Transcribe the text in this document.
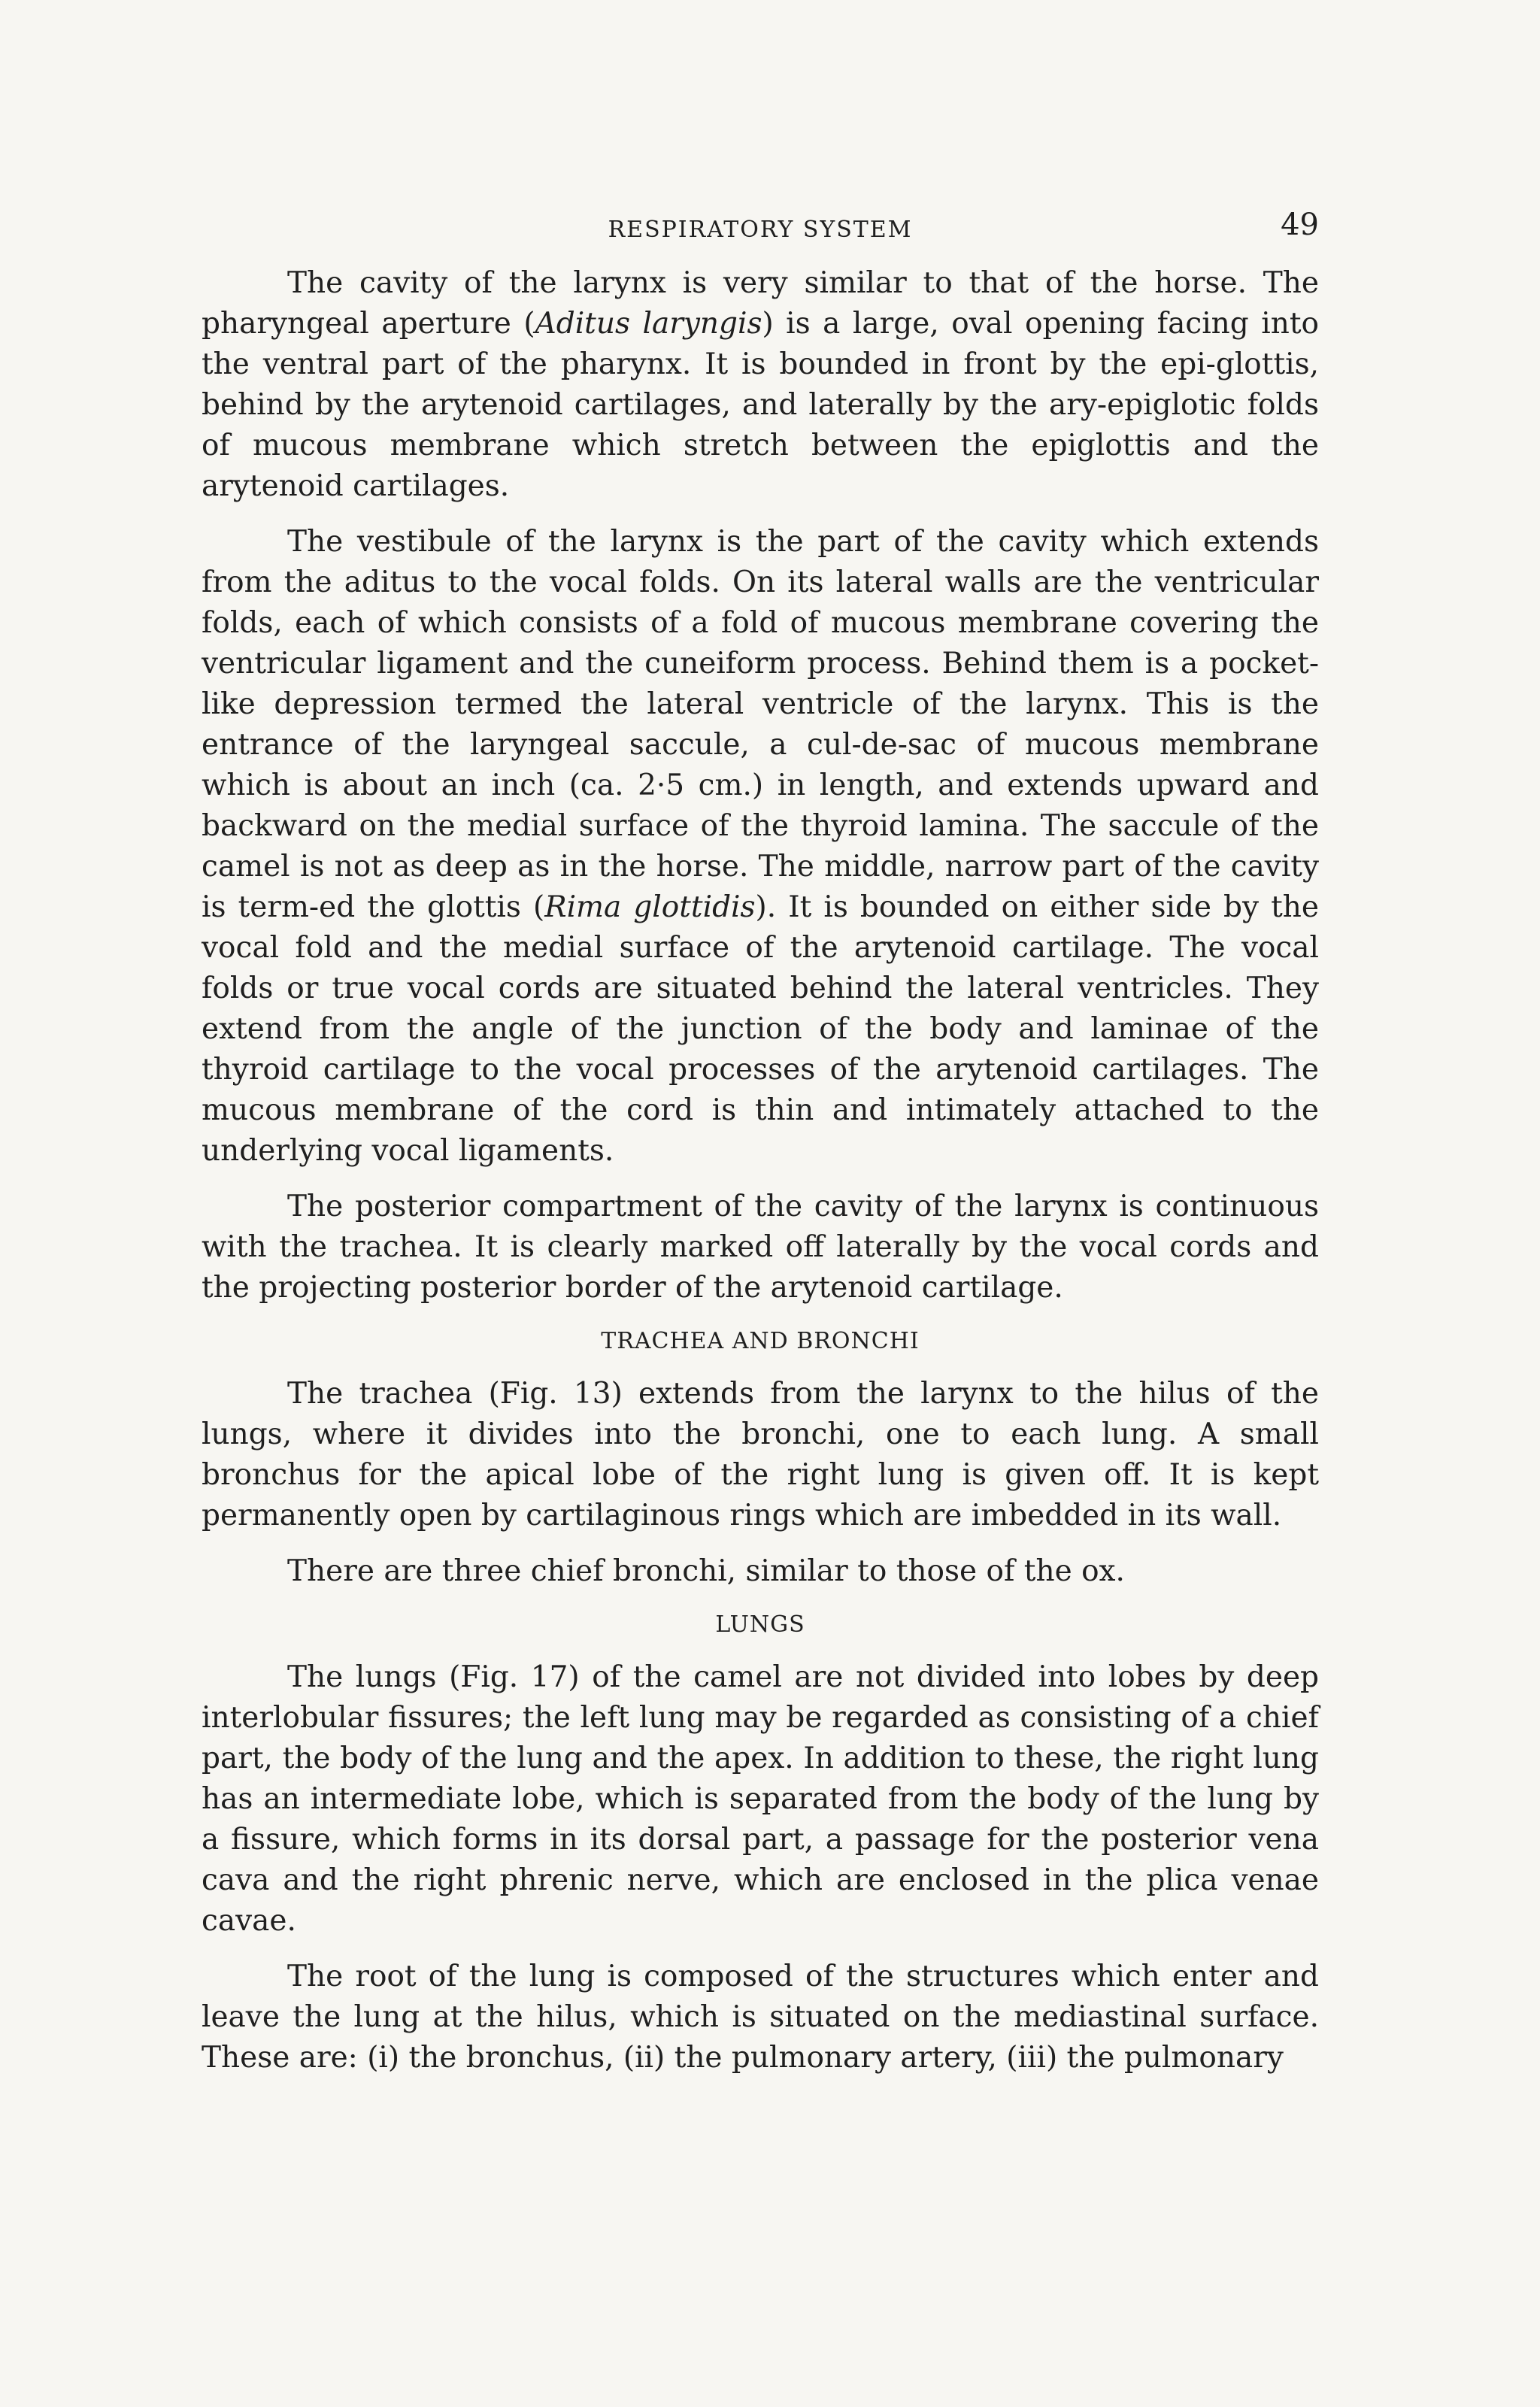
RESPIRATORY SYSTEM	49

The cavity of the larynx is very similar to that of the horse. The pharyngeal aperture (Aditus laryngis) is a large, oval opening facing into the ventral part of the pharynx. It is bounded in front by the epi-glottis, behind by the arytenoid cartilages, and laterally by the ary-epiglotic folds of mucous membrane which stretch between the epiglottis and the arytenoid cartilages.

The vestibule of the larynx is the part of the cavity which extends from the aditus to the vocal folds. On its lateral walls are the ventricular folds, each of which consists of a fold of mucous membrane covering the ventricular ligament and the cuneiform process. Behind them is a pocket-like depression termed the lateral ventricle of the larynx. This is the entrance of the laryngeal saccule, a cul-de-sac of mucous membrane which is about an inch (ca. 2·5 cm.) in length, and extends upward and backward on the medial surface of the thyroid lamina. The saccule of the camel is not as deep as in the horse. The middle, narrow part of the cavity is term-ed the glottis (Rima glottidis). It is bounded on either side by the vocal fold and the medial surface of the arytenoid cartilage. The vocal folds or true vocal cords are situated behind the lateral ventricles. They extend from the angle of the junction of the body and laminae of the thyroid cartilage to the vocal processes of the arytenoid cartilages. The mucous membrane of the cord is thin and intimately attached to the underlying vocal ligaments.

The posterior compartment of the cavity of the larynx is continuous with the trachea. It is clearly marked off laterally by the vocal cords and the projecting posterior border of the arytenoid cartilage.

TRACHEA AND BRONCHI

The trachea (Fig. 13) extends from the larynx to the hilus of the lungs, where it divides into the bronchi, one to each lung. A small bronchus for the apical lobe of the right lung is given off. It is kept permanently open by cartilaginous rings which are imbedded in its wall.

There are three chief bronchi, similar to those of the ox.

LUNGS

The lungs (Fig. 17) of the camel are not divided into lobes by deep interlobular fissures; the left lung may be regarded as consisting of a chief part, the body of the lung and the apex. In addition to these, the right lung has an intermediate lobe, which is separated from the body of the lung by a fissure, which forms in its dorsal part, a passage for the posterior vena cava and the right phrenic nerve, which are enclosed in the plica venae cavae.

The root of the lung is composed of the structures which enter and leave the lung at the hilus, which is situated on the mediastinal surface. These are: (i) the bronchus, (ii) the pulmonary artery, (iii) the pulmonary
